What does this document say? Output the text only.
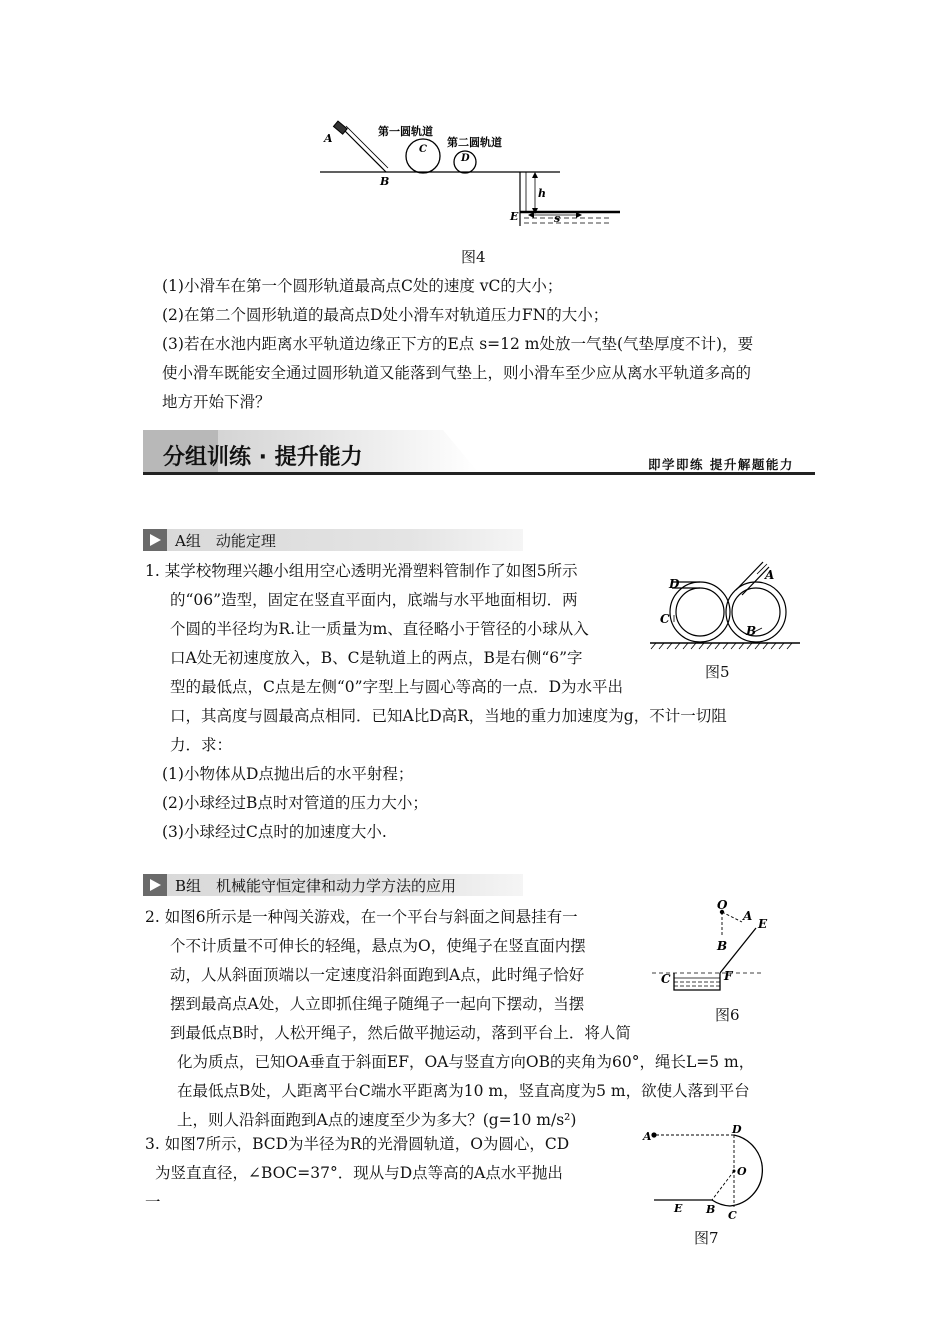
A
B
C
D
第一圆轨道
第二圆轨道
E
h
s
图4
(1)小滑车在第一个圆形轨道最高点C处的速度 vC的大小；
(2)在第二个圆形轨道的最高点D处小滑车对轨道压力FN的大小；
(3)若在水池内距离水平轨道边缘正下方的E点 s=12 m处放一气垫(气垫厚度不计)，要
使小滑车既能安全通过圆形轨道又能落到气垫上，则小滑车至少应从离水平轨道多高的
地方开始下滑？
分组训练 · 提升能力	即学即练 提升解题能力
A组　动能定理
1. 某学校物理兴趣小组用空心透明光滑塑料管制作了如图5所示
的“06”造型，固定在竖直平面内，底端与水平地面相切．两
个圆的半径均为R.让一质量为m、直径略小于管径的小球从入
口A处无初速度放入，B、C是轨道上的两点，B是右侧“6”字
型的最低点，C点是左侧“0”字型上与圆心等高的一点．D为水平出
口，其高度与圆最高点相同．已知A比D高R，当地的重力加速度为g，不计一切阻
力．求：
(1)小物体从D点抛出后的水平射程；
(2)小球经过B点时对管道的压力大小；
(3)小球经过C点时的加速度大小.
A
B
C
D
图5
B组　机械能守恒定律和动力学方法的应用
2. 如图6所示是一种闯关游戏，在一个平台与斜面之间悬挂有一
个不计质量不可伸长的轻绳，悬点为O，使绳子在竖直面内摆
动，人从斜面顶端以一定速度沿斜面跑到A点，此时绳子恰好
摆到最高点A处，人立即抓住绳子随绳子一起向下摆动，当摆
到最低点B时，人松开绳子，然后做平抛运动，落到平台上．将人简
化为质点，已知OA垂直于斜面EF，OA与竖直方向OB的夹角为60°，绳长L=5 m，
在最低点B处，人距离平台C端水平距离为10 m，竖直高度为5 m，欲使人落到平台
上，则人沿斜面跑到A点的速度至少为多大？(g=10 m/s²)
O
A
E
B
C	F
图6
3. 如图7所示，BCD为半径为R的光滑圆轨道，O为圆心，CD
为竖直直径，∠BOC=37°．现从与D点等高的A点水平抛出
一
A
D
O
E B C
图7
